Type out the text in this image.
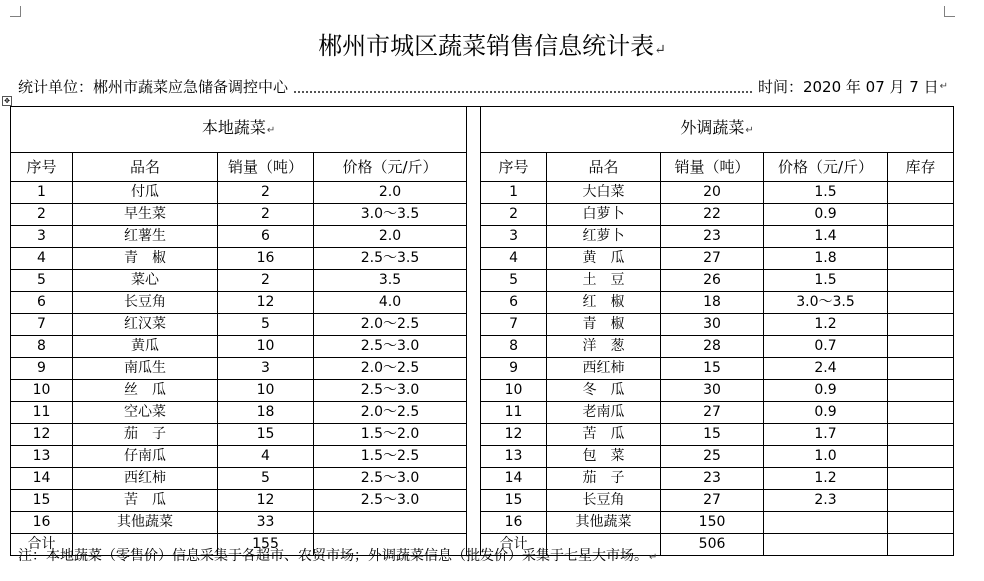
郴州市城区蔬菜销售信息统计表↵
统计单位：郴州市蔬菜应急储备调控中心	时间：2020 年 07 月 7 日 ↵
✥
本地蔬菜↵					外调蔬菜↵				
序号	品名	销量（吨）	价格（元/斤）		序号	品名	销量（吨）	价格（元/斤）	库存
1	付瓜	2	2.0		1	大白菜	20	1.5	
2	早生菜	2	3.0～3.5		2	白萝卜	22	0.9	
3	红薯生	6	2.0		3	红萝卜	23	1.4	
4	青　椒	16	2.5～3.5		4	黄　瓜	27	1.8	
5	菜心	2	3.5		5	土　豆	26	1.5	
6	长豆角	12	4.0		6	红　椒	18	3.0～3.5	
7	红汉菜	5	2.0～2.5		7	青　椒	30	1.2	
8	黄瓜	10	2.5～3.0		8	洋　葱	28	0.7	
9	南瓜生	3	2.0～2.5		9	西红柿	15	2.4	
10	丝　瓜	10	2.5～3.0		10	冬　瓜	30	0.9	
11	空心菜	18	2.0～2.5		11	老南瓜	27	0.9	
12	茄　子	15	1.5～2.0		12	苦　瓜	15	1.7	
13	仔南瓜	4	1.5～2.5		13	包　菜	25	1.0	
14	西红柿	5	2.5～3.0		14	茄　子	23	1.2	
15	苦　瓜	12	2.5～3.0		15	长豆角	27	2.3	
16	其他蔬菜	33			16	其他蔬菜	150		
合计		155			合计		506		
注：本地蔬菜（零售价）信息采集于各超市、农贸市场；外调蔬菜信息（批发价）采集于七星大市场。↵
